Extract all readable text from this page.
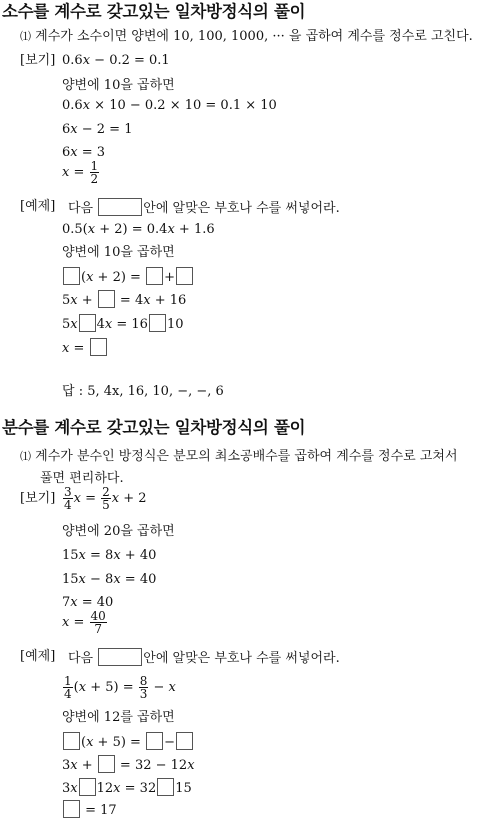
소수를 계수로 갖고있는 일차방정식의 풀이
⑴ 계수가 소수이면 양변에 10, 100, 1000, ··· 을 곱하여 계수를 정수로 고친다.
[보기] 0.6x − 0.2 = 0.1
양변에 10을 곱하면
0.6x × 10 − 0.2 × 10 = 0.1 × 10
6x − 2 = 1
6x = 3
$x = \frac{1}{2}$
[예제] 다음	안에 알맞은 부호나 수를 써넣어라.
0.5(x + 2) = 0.4x + 1.6
양변에 10을 곱하면
(x + 2) = +
5x +  = 4x + 16
5x 4x = 16 10
x =
답 : 5, 4x, 16, 10, −, −, 6
분수를 계수로 갖고있는 일차방정식의 풀이
⑴ 계수가 분수인 방정식은 분모의 최소공배수를 곱하여 계수를 정수로 고쳐서
풀면 편리하다.
[보기] $\frac{3}{4}$ $x = \frac{2}{5}$ x + 2
양변에 20을 곱하면
15x = 8x + 40
15x − 8x = 40
7x = 40
$x = \frac{40}{7}$
[예제] 다음	안에 알맞은 부호나 수를 써넣어라.
$\frac{1}{4} (x + 5) = \frac{8}{3} - x$
양변에 12를 곱하면
(x + 5) = −
3x +  = 32 − 12x
3x 12x = 32 15
= 17
